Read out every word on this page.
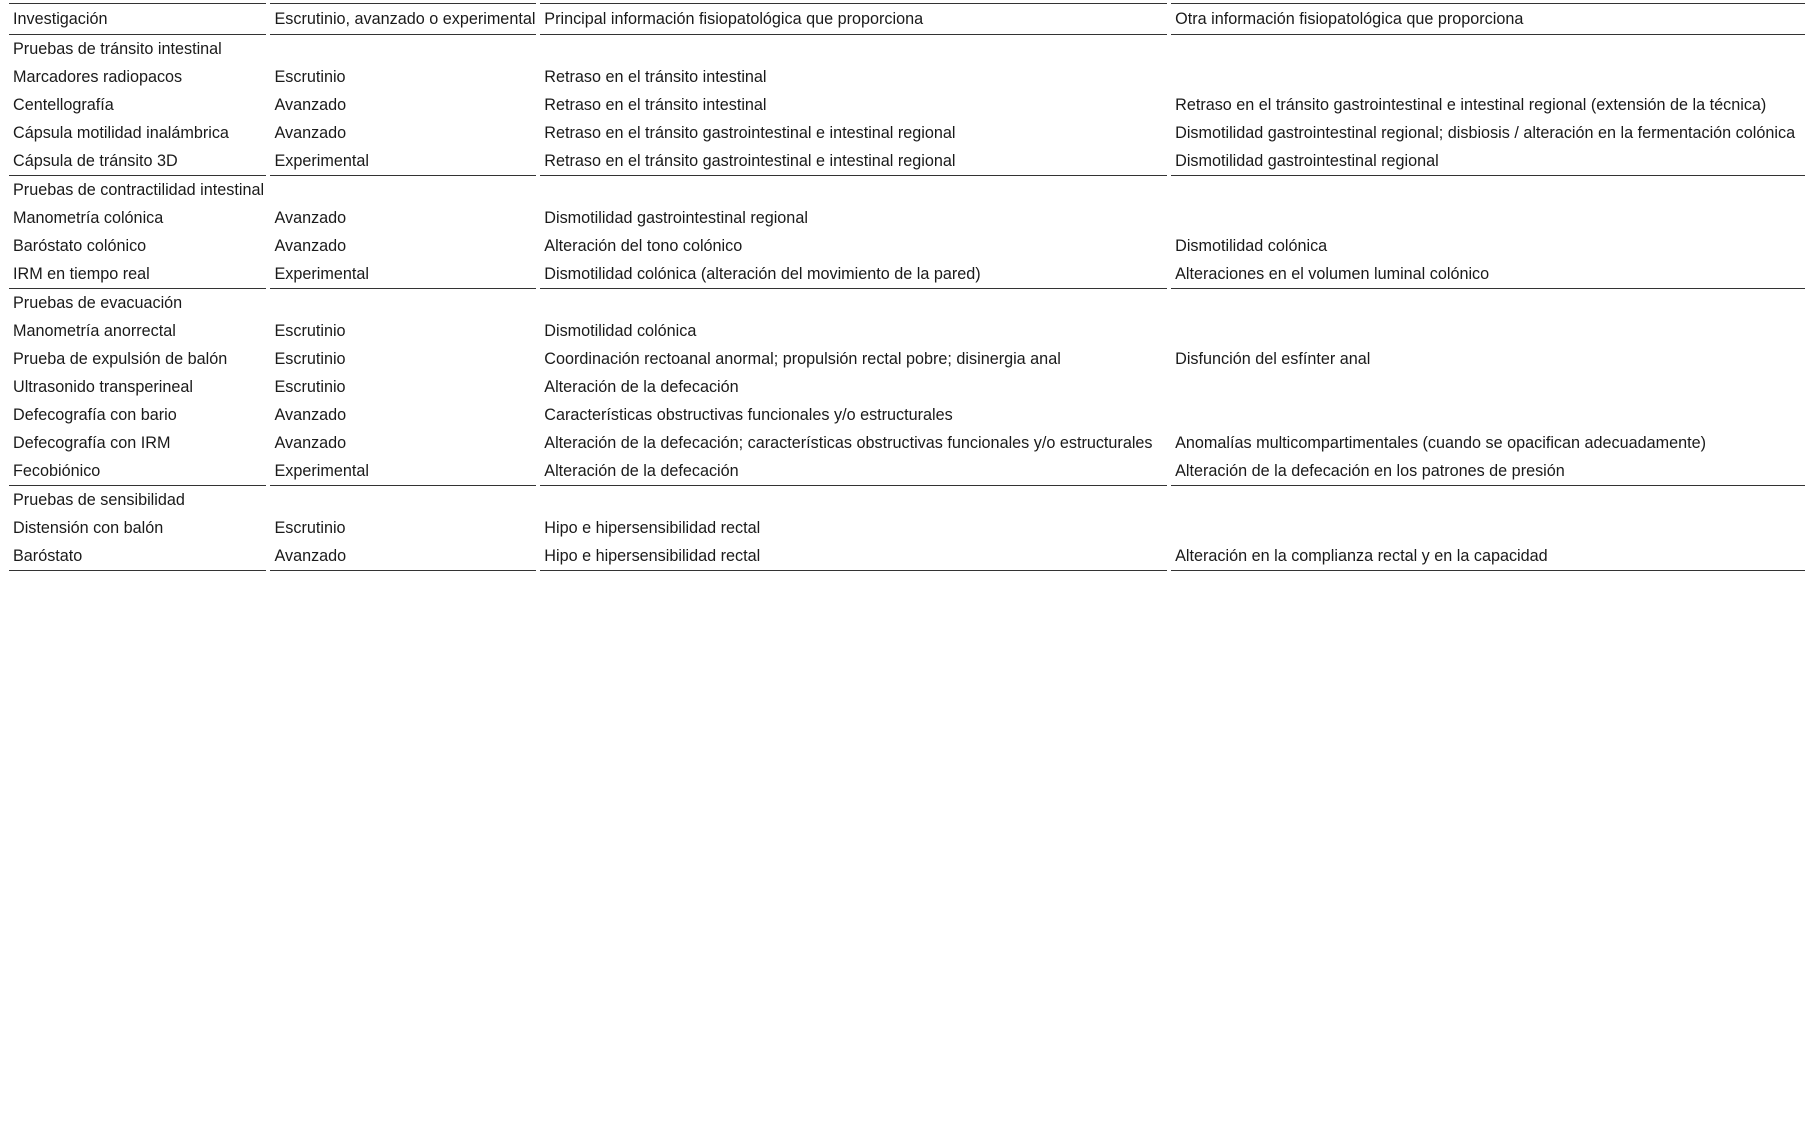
Investigación	Escrutinio, avanzado o experimental	Principal información fisiopatológica que proporciona	Otra información fisiopatológica que proporciona
Pruebas de tránsito intestinal			
Marcadores radiopacos	Escrutinio	Retraso en el tránsito intestinal	
Centellografía	Avanzado	Retraso en el tránsito intestinal	Retraso en el tránsito gastrointestinal e intestinal regional (extensión de la técnica)
Cápsula motilidad inalámbrica	Avanzado	Retraso en el tránsito gastrointestinal e intestinal regional	Dismotilidad gastrointestinal regional; disbiosis / alteración en la fermentación colónica
Cápsula de tránsito 3D	Experimental	Retraso en el tránsito gastrointestinal e intestinal regional	Dismotilidad gastrointestinal regional
Pruebas de contractilidad intestinal			
Manometría colónica	Avanzado	Dismotilidad gastrointestinal regional	
Baróstato colónico	Avanzado	Alteración del tono colónico	Dismotilidad colónica
IRM en tiempo real	Experimental	Dismotilidad colónica (alteración del movimiento de la pared)	Alteraciones en el volumen luminal colónico
Pruebas de evacuación			
Manometría anorrectal	Escrutinio	Dismotilidad colónica	
Prueba de expulsión de balón	Escrutinio	Coordinación rectoanal anormal; propulsión rectal pobre; disinergia anal	Disfunción del esfínter anal
Ultrasonido transperineal	Escrutinio	Alteración de la defecación	
Defecografía con bario	Avanzado	Características obstructivas funcionales y/o estructurales	
Defecografía con IRM	Avanzado	Alteración de la defecación; características obstructivas funcionales y/o estructurales	Anomalías multicompartimentales (cuando se opacifican adecuadamente)
Fecobiónico	Experimental	Alteración de la defecación	Alteración de la defecación en los patrones de presión
Pruebas de sensibilidad			
Distensión con balón	Escrutinio	Hipo e hipersensibilidad rectal	
Baróstato	Avanzado	Hipo e hipersensibilidad rectal	Alteración en la complianza rectal y en la capacidad
